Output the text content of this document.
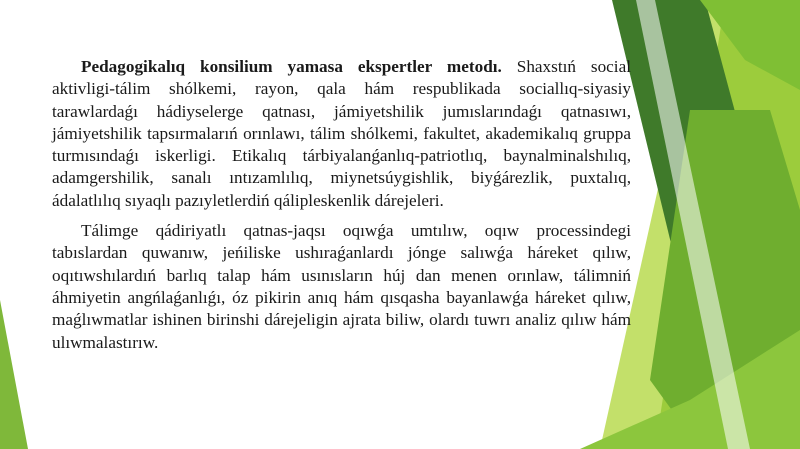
Pedagogikalıq konsilium yamasa ekspertler metodı. Shaxstıń social aktivligi-tálim shólkemi, rayon, qala hám respublikada sociallıq-siyasiy tarawlardaǵı hádiyselerge qatnası, jámiyetshilik jumıslarındaǵı qatnasıwı, jámiyetshilik tapsırmalarıń orınlawı, tálim shólkemi, fakultet, akademikalıq gruppa turmısındaǵı iskerligi. Etikalıq tárbiyalanǵanlıq-patriotlıq, baynalminalshılıq, adamgershilik, sanalı ıntızamlılıq, miynetsúygishlik, biyǵárezlik, puxtalıq, ádalatlılıq sıyaqlı pazıyletlerdiń qálipleskenlik dárejeleri.

Tálimge qádiriyatlı qatnas-jaqsı oqıwǵa umtılıw, oqıw processindegi tabıslardan quwanıw, jeńiliske ushıraǵanlardı jónge salıwǵa háreket qılıw, oqıtıwshılardıń barlıq talap hám usınısların húj dan menen orınlaw, tálimniń áhmiyetin angńlaǵanlıǵı, óz pikirin anıq hám qısqasha bayanlawǵa háreket qılıw, maǵlıwmatlar ishinen birinshi dárejeligin ajrata biliw, olardı tuwrı analiz qılıw hám ulıwmalastırıw.
